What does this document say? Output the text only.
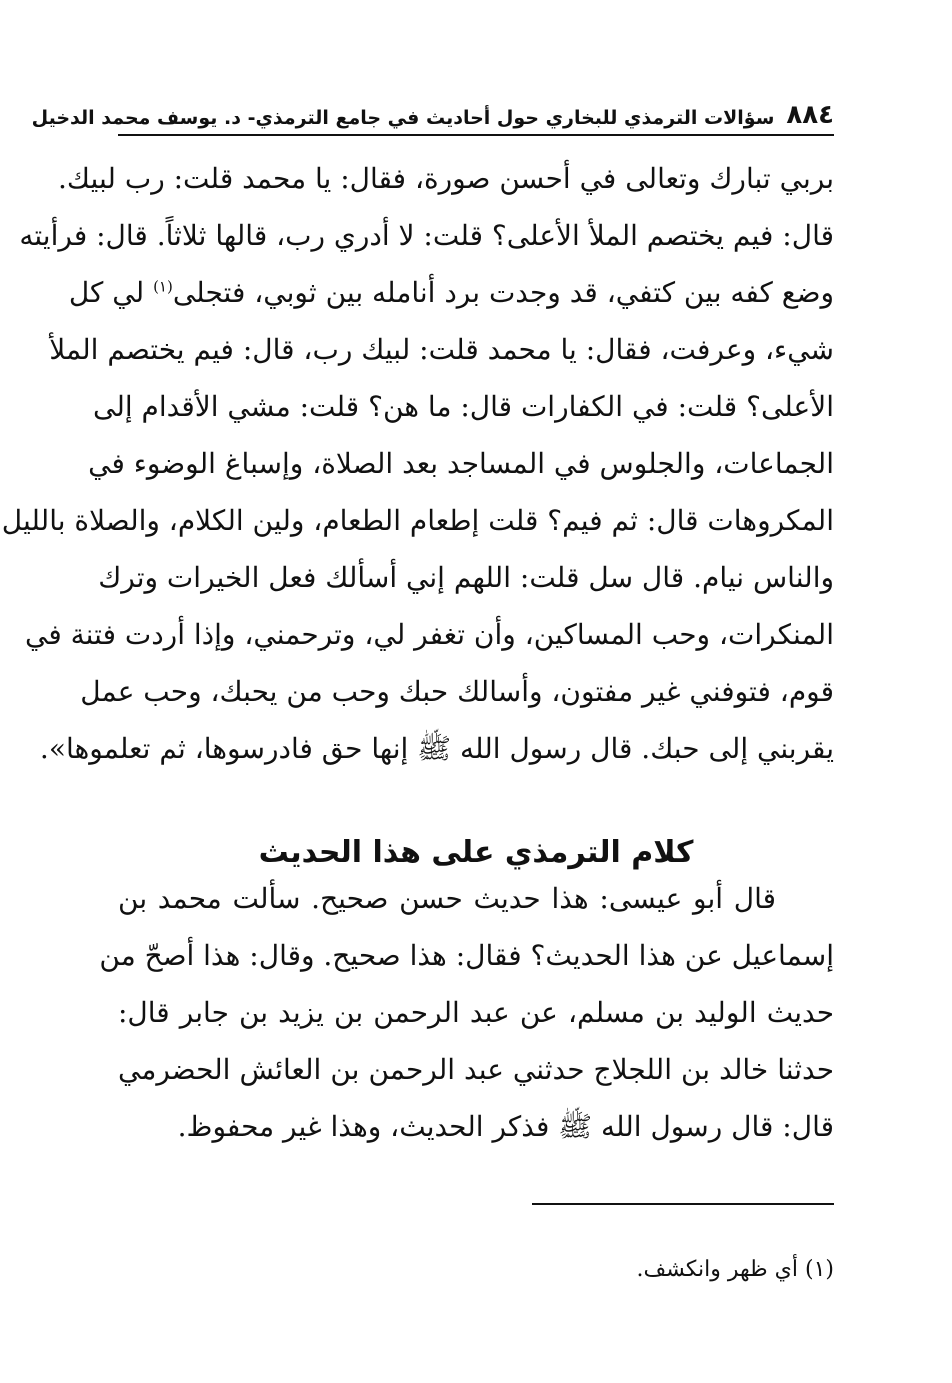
٨٨٤
سؤالات الترمذي للبخاري حول أحاديث في جامع الترمذي- د. يوسف محمد الدخيل
بربي تبارك وتعالى في أحسن صورة، فقال: يا محمد قلت: رب لبيك.
قال: فيم يختصم الملأ الأعلى؟ قلت: لا أدري رب، قالها ثلاثاً. قال: فرأيته
وضع كفه بين كتفي، قد وجدت برد أنامله بين ثوبي، فتجلى$^{(١)}$ لي كل
شيء، وعرفت، فقال: يا محمد قلت: لبيك رب، قال: فيم يختصم الملأ
الأعلى؟ قلت: في الكفارات قال: ما هن؟ قلت: مشي الأقدام إلى
الجماعات، والجلوس في المساجد بعد الصلاة، وإسباغ الوضوء في
المكروهات قال: ثم فيم؟ قلت إطعام الطعام، ولين الكلام، والصلاة بالليل
والناس نيام. قال سل قلت: اللهم إني أسألك فعل الخيرات وترك
المنكرات، وحب المساكين، وأن تغفر لي، وترحمني، وإذا أردت فتنة في
قوم، فتوفني غير مفتون، وأسالك حبك وحب من يحبك، وحب عمل
يقربني إلى حبك. قال رسول الله ﷺ إنها حق فادرسوها، ثم تعلموها».
كلام الترمذي على هذا الحديث
قال أبو عيسى: هذا حديث حسن صحيح. سألت محمد بن
إسماعيل عن هذا الحديث؟ فقال: هذا صحيح. وقال: هذا أصحّ من
حديث الوليد بن مسلم، عن عبد الرحمن بن يزيد بن جابر قال:
حدثنا خالد بن اللجلاج حدثني عبد الرحمن بن العائش الحضرمي
قال: قال رسول الله ﷺ فذكر الحديث، وهذا غير محفوظ.

(١) أي ظهر وانكشف.
